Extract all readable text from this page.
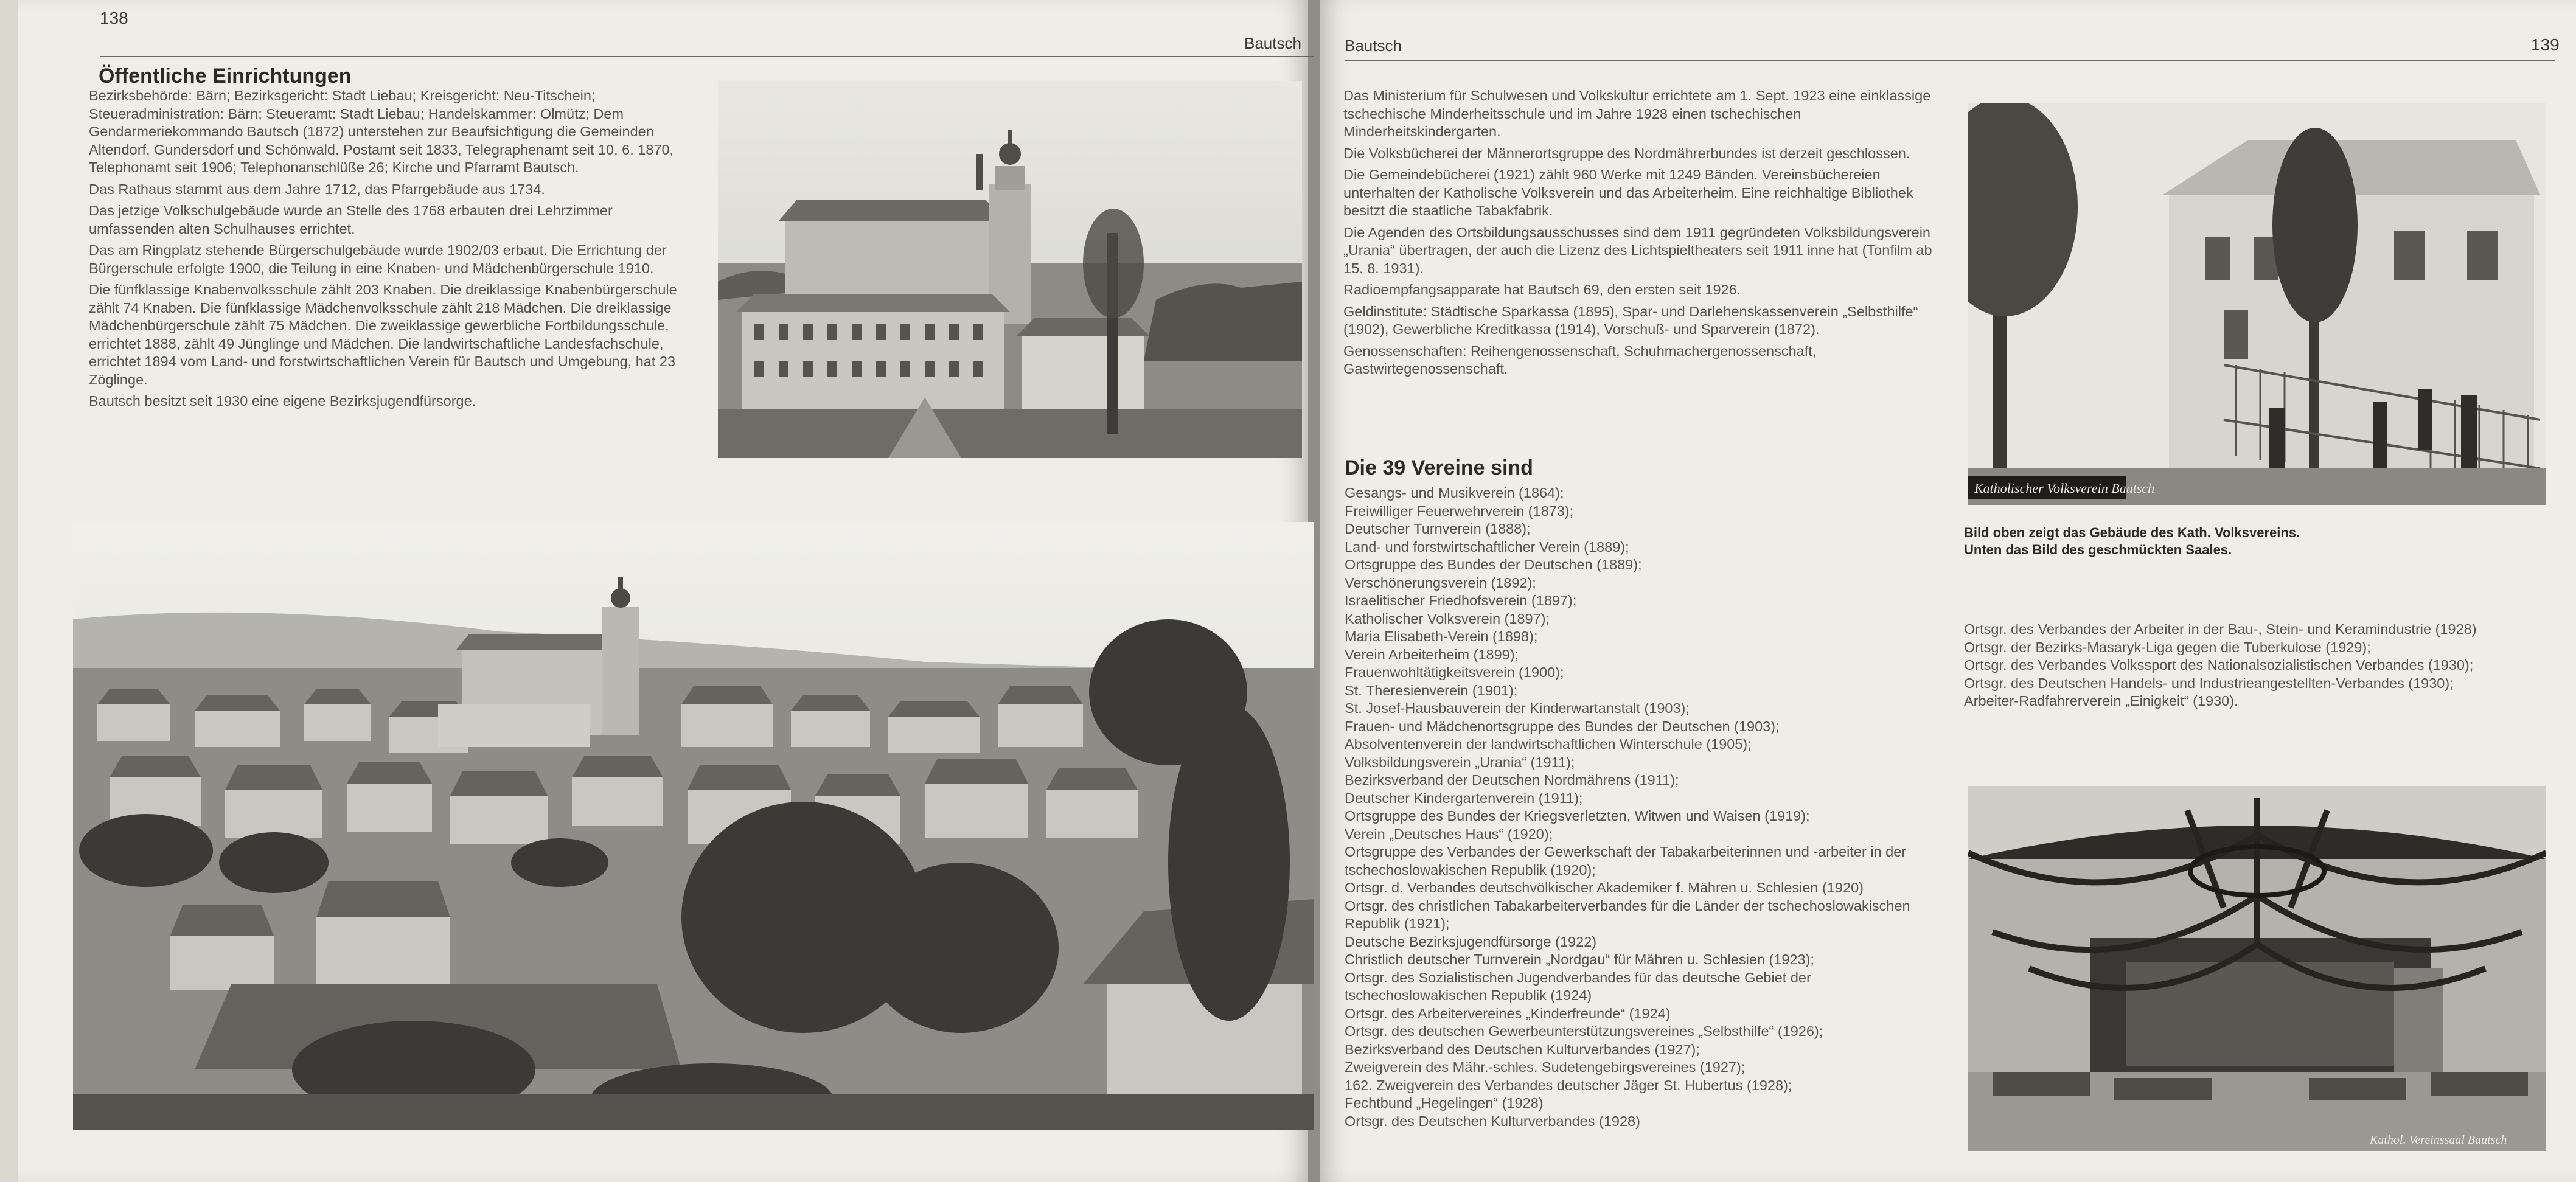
138
Bautsch
Öffentliche Einrichtungen

Bezirksbehörde: Bärn; Bezirksgericht: Stadt Liebau; Kreisgericht: Neu-Titschein; Steueradministration: Bärn; Steueramt: Stadt Liebau; Handelskammer: Olmütz; Dem Gendarmeriekommando Bautsch (1872) unterstehen zur Beaufsichtigung die Gemeinden Altendorf, Gundersdorf und Schönwald. Postamt seit 1833, Telegraphenamt seit 10. 6. 1870, Telephonamt seit 1906; Telephonanschlüße 26; Kirche und Pfarramt Bautsch.

Das Rathaus stammt aus dem Jahre 1712, das Pfarrgebäude aus 1734.

Das jetzige Volkschulgebäude wurde an Stelle des 1768 erbauten drei Lehrzimmer umfassenden alten Schulhauses errichtet.

Das am Ringplatz stehende Bürgerschulgebäude wurde 1902/03 erbaut. Die Errichtung der Bürgerschule erfolgte 1900, die Teilung in eine Knaben- und Mädchenbürgerschule 1910.

Die fünfklassige Knabenvolksschule zählt 203 Knaben. Die dreiklassige Knabenbürgerschule zählt 74 Knaben. Die fünfklassige Mädchenvolksschule zählt 218 Mädchen. Die dreiklassige Mädchenbürgerschule zählt 75 Mädchen. Die zweiklassige gewerbliche Fortbildungsschule, errichtet 1888, zählt 49 Jünglinge und Mädchen. Die landwirtschaftliche Landesfachschule, errichtet 1894 vom Land- und forstwirtschaftlichen Verein für Bautsch und Umgebung, hat 23 Zöglinge.

Bautsch besitzt seit 1930 eine eigene Bezirksjugendfürsorge.

Bautsch	139

Das Ministerium für Schulwesen und Volkskultur errichtete am 1. Sept. 1923 eine einklassige tschechische Minderheitsschule und im Jahre 1928 einen tschechischen Minderheitskindergarten.

Die Volksbücherei der Männerortsgruppe des Nordmährerbundes ist derzeit geschlossen.

Die Gemeindebücherei (1921) zählt 960 Werke mit 1249 Bänden. Vereinsbüchereien unterhalten der Katholische Volksverein und das Arbeiterheim. Eine reichhaltige Bibliothek besitzt die staatliche Tabakfabrik.

Die Agenden des Ortsbildungsausschusses sind dem 1911 gegründeten Volksbildungsverein „Urania“ übertragen, der auch die Lizenz des Lichtspieltheaters seit 1911 inne hat (Tonfilm ab 15. 8. 1931).

Radioempfangsapparate hat Bautsch 69, den ersten seit 1926.

Geldinstitute: Städtische Sparkassa (1895), Spar- und Darlehenskassenverein „Selbsthilfe“ (1902), Gewerbliche Kreditkassa (1914), Vorschuß- und Sparverein (1872).

Genossenschaften: Reihengenossenschaft, Schuhmachergenossenschaft, Gastwirtegenossenschaft.

Die 39 Vereine sind
Gesangs- und Musikverein (1864);
Freiwilliger Feuerwehrverein (1873);
Deutscher Turnverein (1888);
Land- und forstwirtschaftlicher Verein (1889);
Ortsgruppe des Bundes der Deutschen (1889);
Verschönerungsverein (1892);
Israelitischer Friedhofsverein (1897);
Katholischer Volksverein (1897);
Maria Elisabeth-Verein (1898);
Verein Arbeiterheim (1899);
Frauenwohltätigkeitsverein (1900);
St. Theresienverein (1901);
St. Josef-Hausbauverein der Kinderwartanstalt (1903);
Frauen- und Mädchenortsgruppe des Bundes der Deutschen (1903);
Absolventenverein der landwirtschaftlichen Winterschule (1905);
Volksbildungsverein „Urania“ (1911);
Bezirksverband der Deutschen Nordmährens (1911);
Deutscher Kindergartenverein (1911);
Ortsgruppe des Bundes der Kriegsverletzten, Witwen und Waisen (1919);
Verein „Deutsches Haus“ (1920);
Ortsgruppe des Verbandes der Gewerkschaft der Tabakarbeiterinnen und -arbeiter in der tschechoslowakischen Republik (1920);
Ortsgr. d. Verbandes deutschvölkischer Akademiker f. Mähren u. Schlesien (1920)
Ortsgr. des christlichen Tabakarbeiterverbandes für die Länder der tschechoslowakischen Republik (1921);
Deutsche Bezirksjugendfürsorge (1922)
Christlich deutscher Turnverein „Nordgau“ für Mähren u. Schlesien (1923);
Ortsgr. des Sozialistischen Jugendverbandes für das deutsche Gebiet der tschechoslowakischen Republik (1924)
Ortsgr. des Arbeitervereines „Kinderfreunde“ (1924)
Ortsgr. des deutschen Gewerbeunterstützungsvereines „Selbsthilfe“ (1926);
Bezirksverband des Deutschen Kulturverbandes (1927);
Zweigverein des Mähr.-schles. Sudetengebirgsvereines (1927);
162. Zweigverein des Verbandes deutscher Jäger St. Hubertus (1928);
Fechtbund „Hegelingen“ (1928)
Ortsgr. des Deutschen Kulturverbandes (1928)
Katholischer Volksverein Bautsch
Bild oben zeigt das Gebäude des Kath. Volksvereins.
Unten das Bild des geschmückten Saales.
Ortsgr. des Verbandes der Arbeiter in der Bau-, Stein- und Keramindustrie (1928)
Ortsgr. der Bezirks-Masaryk-Liga gegen die Tuberkulose (1929);
Ortsgr. des Verbandes Volkssport des Nationalsozialistischen Verbandes (1930);
Ortsgr. des Deutschen Handels- und Industrieangestellten-Verbandes (1930);
Arbeiter-Radfahrerverein „Einigkeit“ (1930).
Kathol. Vereinssaal Bautsch
